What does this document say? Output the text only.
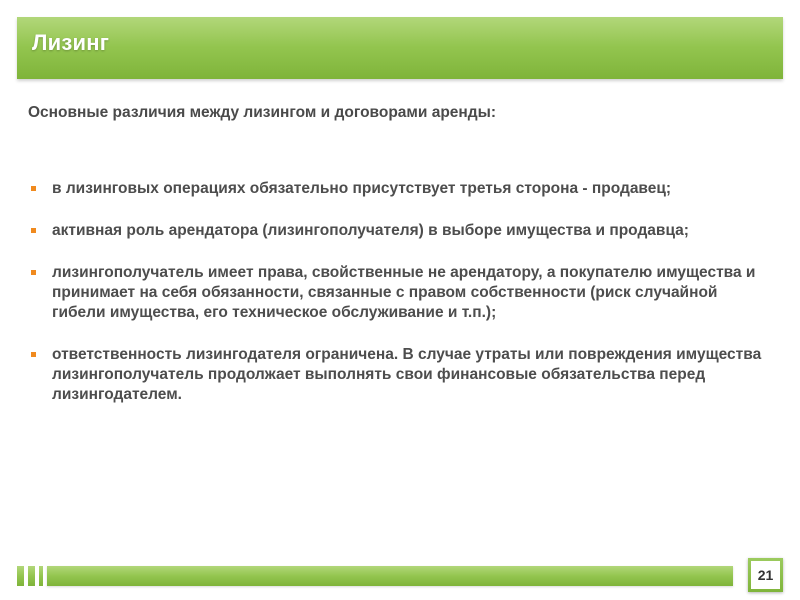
Лизинг
Основные различия между лизингом и договорами аренды:
в лизинговых операциях обязательно присутствует третья сторона - продавец;
активная роль арендатора (лизингополучателя) в выборе имущества и продавца;
лизингополучатель имеет права, свойственные не арендатору, а покупателю имущества и принимает на себя обязанности, связанные с правом собственности (риск случайной гибели имущества, его техническое обслуживание и т.п.);
ответственность лизингодателя ограничена. В случае утраты или повреждения имущества лизингополучатель продолжает выполнять свои финансовые обязательства перед лизингодателем.
21
